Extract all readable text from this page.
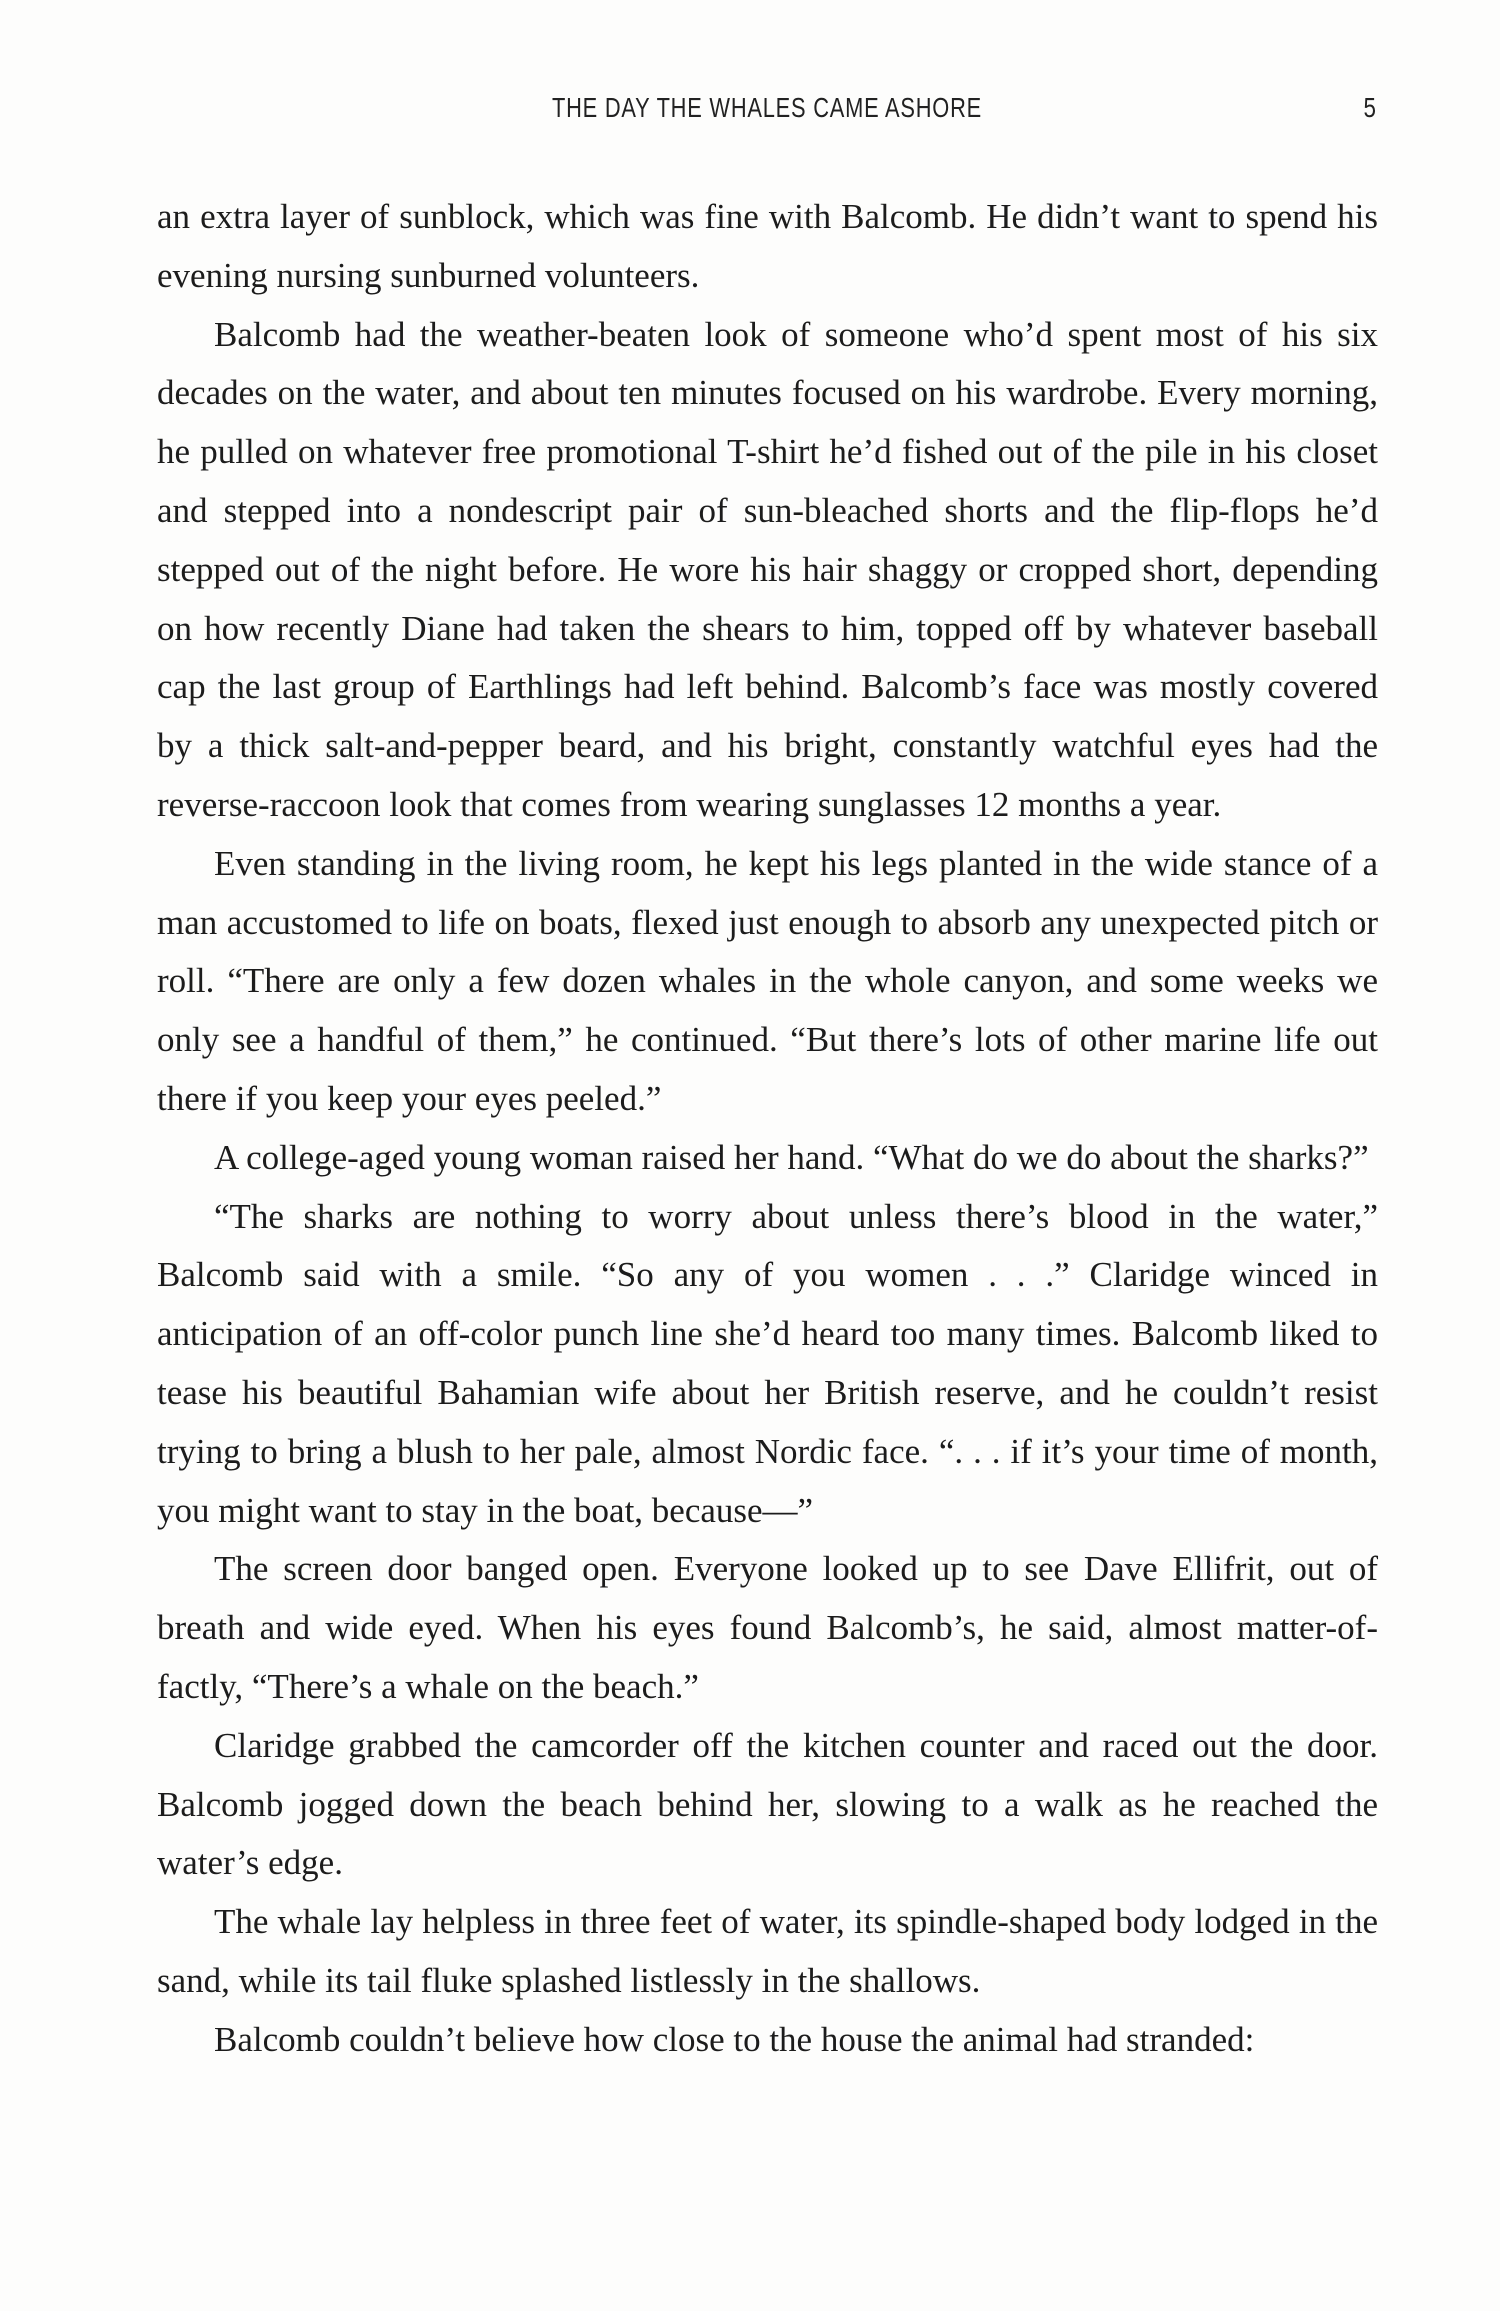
THE DAY THE WHALES CAME ASHORE	5

an extra layer of sunblock, which was fine with Balcomb. He didn’t want to spend his evening nursing sunburned volunteers.

Balcomb had the weather-beaten look of someone who’d spent most of his six decades on the water, and about ten minutes focused on his wardrobe. Every morning, he pulled on whatever free promotional T-shirt he’d fished out of the pile in his closet and stepped into a nondescript pair of sun-bleached shorts and the flip-flops he’d stepped out of the night before. He wore his hair shaggy or cropped short, depending on how recently Diane had taken the shears to him, topped off by whatever baseball cap the last group of Earthlings had left behind. Balcomb’s face was mostly covered by a thick salt-and-pepper beard, and his bright, constantly watchful eyes had the reverse-raccoon look that comes from wearing sunglasses 12 months a year.

Even standing in the living room, he kept his legs planted in the wide stance of a man accustomed to life on boats, flexed just enough to absorb any unexpected pitch or roll. “There are only a few dozen whales in the whole canyon, and some weeks we only see a handful of them,” he continued. “But there’s lots of other marine life out there if you keep your eyes peeled.”

A college-aged young woman raised her hand. “What do we do about the sharks?”

“The sharks are nothing to worry about unless there’s blood in the water,” Balcomb said with a smile. “So any of you women . . .” Claridge winced in anticipation of an off-color punch line she’d heard too many times. Balcomb liked to tease his beautiful Bahamian wife about her British reserve, and he couldn’t resist trying to bring a blush to her pale, almost Nordic face. “. . . if it’s your time of month, you might want to stay in the boat, because—”

The screen door banged open. Everyone looked up to see Dave Ellifrit, out of breath and wide eyed. When his eyes found Balcomb’s, he said, almost matter-of-factly, “There’s a whale on the beach.”

Claridge grabbed the camcorder off the kitchen counter and raced out the door. Balcomb jogged down the beach behind her, slowing to a walk as he reached the water’s edge.

The whale lay helpless in three feet of water, its spindle-shaped body lodged in the sand, while its tail fluke splashed listlessly in the shallows.

Balcomb couldn’t believe how close to the house the animal had stranded:
